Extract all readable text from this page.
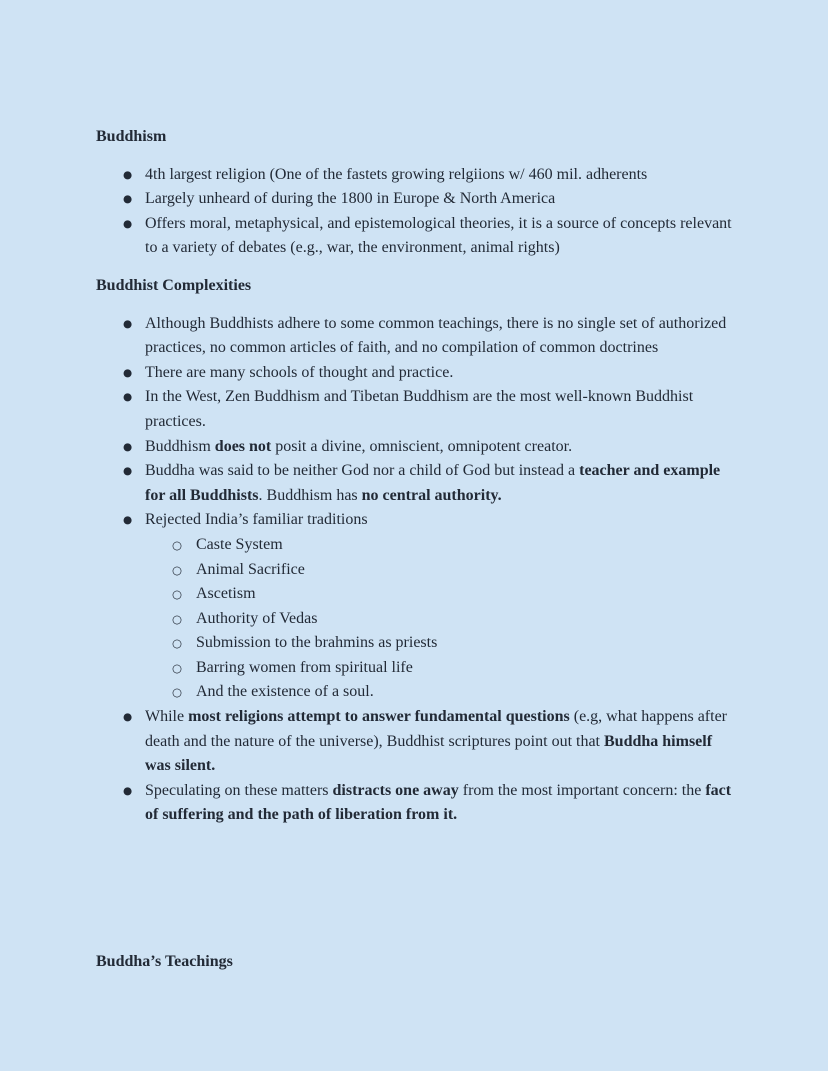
Buddhism
● 4th largest religion (One of the fastets growing relgiions w/ 460 mil. adherents
● Largely unheard of during the 1800 in Europe & North America
● Offers moral, metaphysical, and epistemological theories, it is a source of concepts relevant to a variety of debates (e.g., war, the environment, animal rights)
Buddhist Complexities
● Although Buddhists adhere to some common teachings, there is no single set of authorized practices, no common articles of faith, and no compilation of common doctrines
● There are many schools of thought and practice.
● In the West, Zen Buddhism and Tibetan Buddhism are the most well-known Buddhist practices.
● Buddhism does not posit a divine, omniscient, omnipotent creator.
● Buddha was said to be neither God nor a child of God but instead a teacher and example for all Buddhists. Buddhism has no central authority.
● Rejected India’s familiar traditions
○ Caste System
○ Animal Sacrifice
○ Ascetism
○ Authority of Vedas
○ Submission to the brahmins as priests
○ Barring women from spiritual life
○ And the existence of a soul.
● While most religions attempt to answer fundamental questions (e.g, what happens after death and the nature of the universe), Buddhist scriptures point out that Buddha himself was silent.
● Speculating on these matters distracts one away from the most important concern: the fact of suffering and the path of liberation from it.
Buddha’s Teachings
